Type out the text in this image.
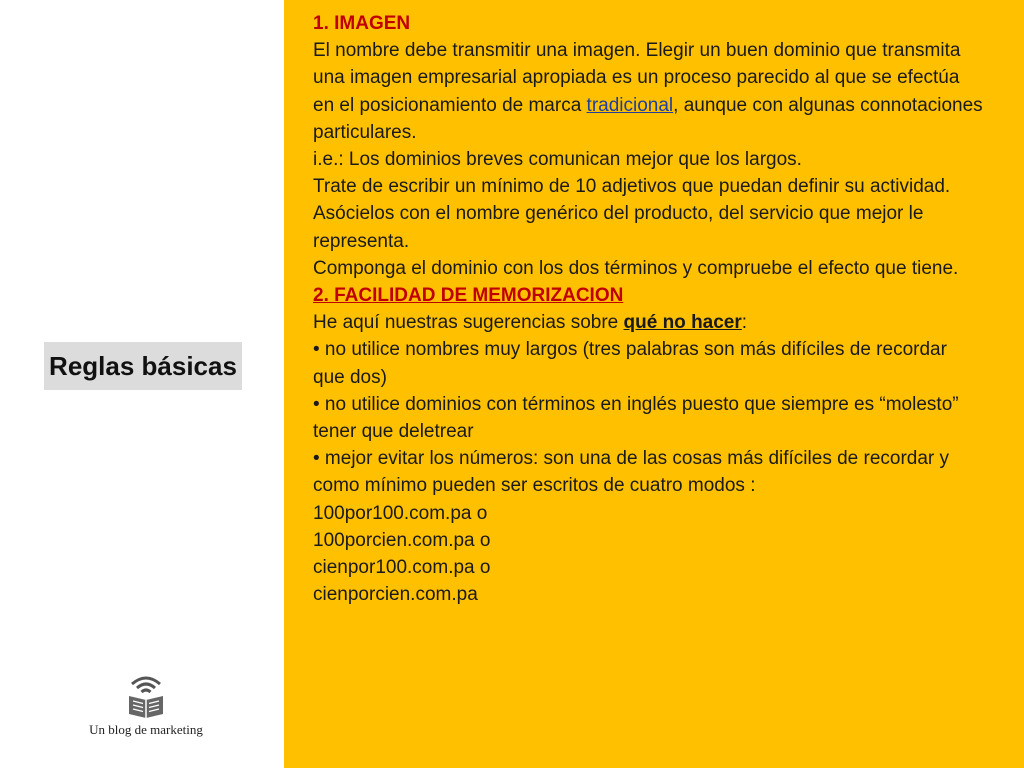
Reglas básicas
Un blog de marketing

1. IMAGEN

El nombre debe transmitir una imagen. Elegir un buen dominio que transmita una imagen empresarial apropiada es un proceso parecido al que se efectúa en el posicionamiento de marca tradicional, aunque con algunas connotaciones particulares.

i.e.: Los dominios breves comunican mejor que los largos.

Trate de escribir un mínimo de 10 adjetivos que puedan definir su actividad.

Asócielos con el nombre genérico del producto, del servicio que mejor le representa.

Componga el dominio con los dos términos y compruebe el efecto que tiene.

2. FACILIDAD DE MEMORIZACION

He aquí nuestras sugerencias sobre qué no hacer:

• no utilice nombres muy largos (tres palabras son más difíciles de recordar que dos)

• no utilice dominios con términos en inglés puesto que siempre es “molesto” tener que deletrear

• mejor evitar los números: son una de las cosas más difíciles de recordar y como mínimo pueden ser escritos de cuatro modos :

100por100.com.pa o

100porcien.com.pa o

cienpor100.com.pa o

cienporcien.com.pa
